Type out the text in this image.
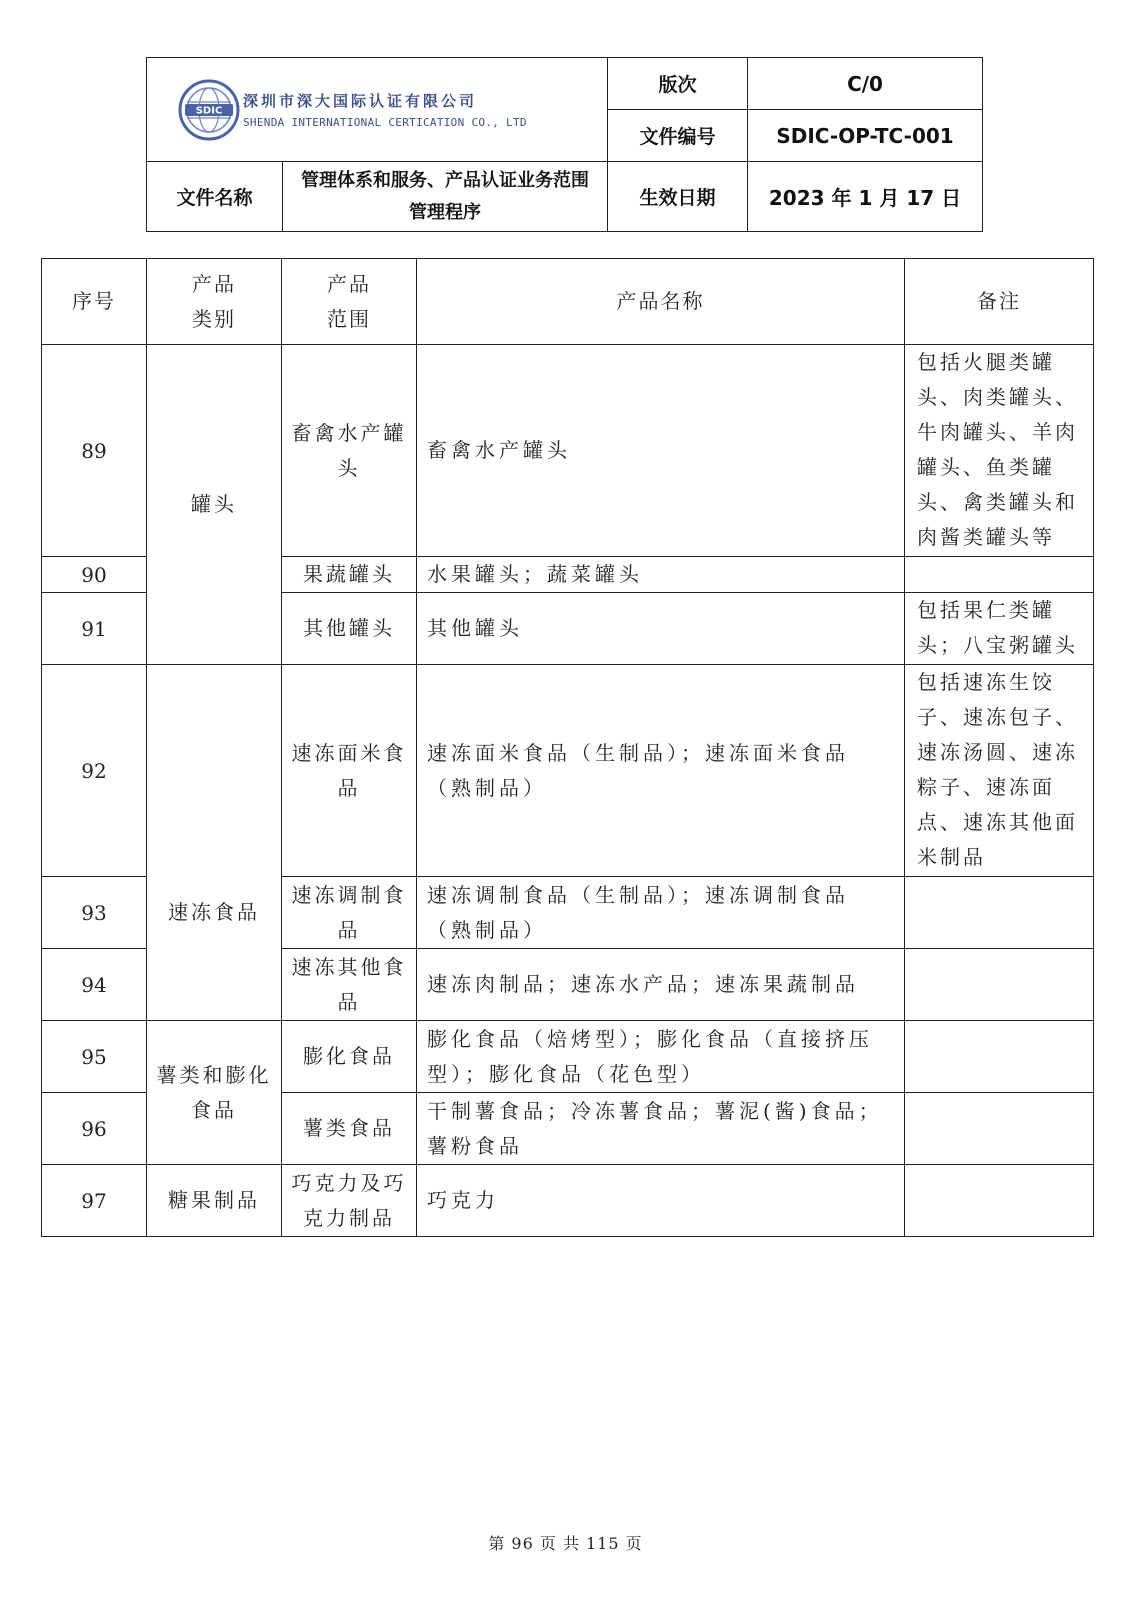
SDIC
深圳市深大国际认证有限公司
SHENDA INTERNATIONAL CERTICATION CO., LTD		版次	C/0
		文件编号	SDIC-OP-TC-001
文件名称	管理体系和服务、产品认证业务范围管理程序	生效日期	2023 年 1 月 17 日
序号	产品类别	产品范围	产品名称	备注
89	罐头	畜禽水产罐头	畜禽水产罐头	包括火腿类罐头、肉类罐头、牛肉罐头、羊肉罐头、鱼类罐头、禽类罐头和肉酱类罐头等
90		果蔬罐头	水果罐头；蔬菜罐头	
91		其他罐头	其他罐头	包括果仁类罐头；八宝粥罐头
92	速冻食品	速冻面米食品	速冻面米食品（生制品）；速冻面米食品（熟制品）	包括速冻生饺子、速冻包子、速冻汤圆、速冻粽子、速冻面点、速冻其他面米制品
93		速冻调制食品	速冻调制食品（生制品）；速冻调制食品（熟制品）	
94		速冻其他食品	速冻肉制品；速冻水产品；速冻果蔬制品	
95	薯类和膨化食品	膨化食品	膨化食品（焙烤型）；膨化食品（直接挤压型）；膨化食品（花色型）	
96		薯类食品	干制薯食品；冷冻薯食品；薯泥(酱)食品；薯粉食品	
97	糖果制品	巧克力及巧克力制品	巧克力	
第 96 页 共 115 页
